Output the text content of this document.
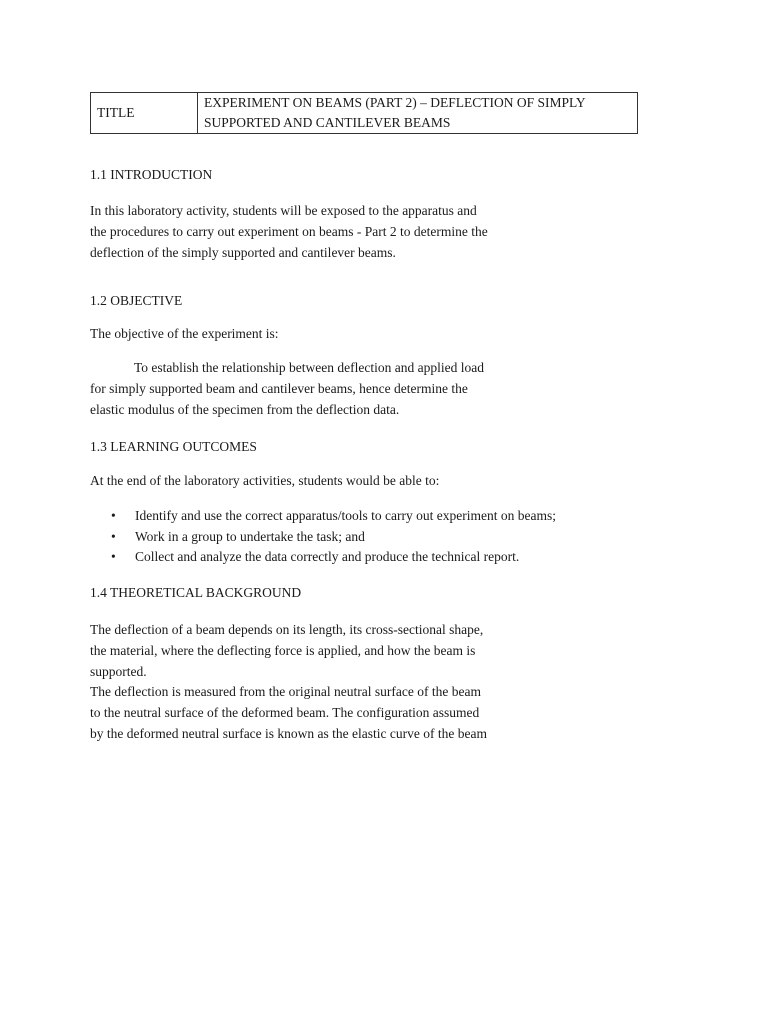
TITLE	
EXPERIMENT ON BEAMS (PART 2) – DEFLECTION OF SIMPLY
SUPPORTED AND CANTILEVER BEAMS
1.1 INTRODUCTION
In this laboratory activity, students will be exposed to the apparatus and
the procedures to carry out experiment on beams - Part 2 to determine the
deflection of the simply supported and cantilever beams.
1.2 OBJECTIVE
The objective of the experiment is:
To establish the relationship between deflection and applied load
for simply supported beam and cantilever beams, hence determine the
elastic modulus of the specimen from the deflection data.
1.3 LEARNING OUTCOMES
At the end of the laboratory activities, students would be able to:
• Identify and use the correct apparatus/tools to carry out experiment on beams;
• Work in a group to undertake the task; and
• Collect and analyze the data correctly and produce the technical report.
1.4 THEORETICAL BACKGROUND
The deflection of a beam depends on its length, its cross-sectional shape,
the material, where the deflecting force is applied, and how the beam is
supported.
The deflection is measured from the original neutral surface of the beam
to the neutral surface of the deformed beam. The configuration assumed
by the deformed neutral surface is known as the elastic curve of the beam
